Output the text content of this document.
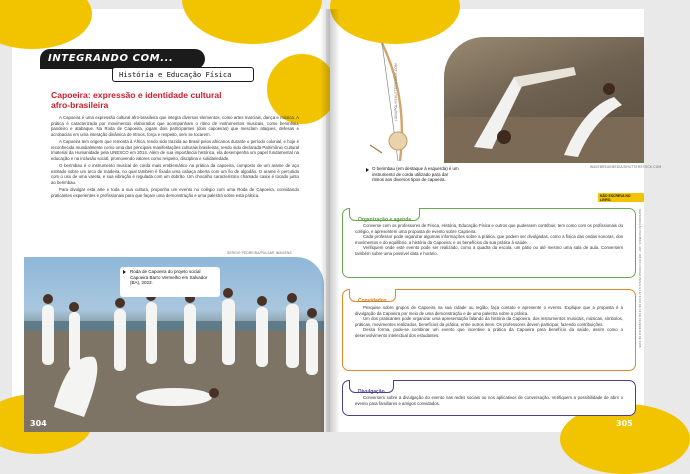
INTEGRANDO COM...
História e Educação Física
Capoeira: expressão e identidade cultural
afro-brasileira

A Capoeira é uma expressão cultural afro-brasileira que integra diversos elementos, como artes marciais, dança e música. A prática é caracterizada por movimentos elaborados que acompanham o ritmo de instrumentos musicais, como berimbau, pandeiro e atabaque. Na Roda de Capoeira, jogam dois participantes (dois capoeiras) que mesclam ataques, defesas e acrobacias em uma interação dinâmica de ritmos, força e respeito, sem se tocarem.

A Capoeira tem origem que remonta à África, tendo sido trazida ao Brasil pelos africanos durante o período colonial, e hoje é reconhecida mundialmente como uma das principais manifestações culturais brasileiras, tendo sido declarada Patrimônio Cultural Imaterial da Humanidade pela UNESCO em 2014. Além de sua importância histórica, ela desempenha um papel fundamental na educação e na inclusão social, promovendo valores como respeito, disciplina e solidariedade.

O berimbau é o instrumento musical de corda mais emblemático na prática da capoeira, composto de um arame de aço estirado sobre um arco de madeira, no qual também é fixada uma cabaça aberta com um fio de algodão. O arame é percutido com o uso de uma vareta, e sua vibração é regulada com um dobrão. Um chocalho característico chamado caxixi é tocado junto ao berimbau.

Para divulgar esta arte e toda a sua cultura, proponha um evento no colégio com uma Roda de Capoeira, convidando praticantes experientes e profissionais para que façam uma demonstração e uma palestra sobre esta prática.

SERGIO PEDREIRA/PULSAR IMAGENS
Roda de Capoeira do projeto social Capoeira Barro Vermelho em Salvador (BA), 2023.
304
LIANAPOLY/SHUTTERSTOCK.COM
WAVEBREAKMEDIA/SHUTTERSTOCK.COM
O berimbau (em destaque à esquerda) é um instrumento de corda utilizado para dar ritmos aos diversos tipos de capoeira.
NÃO ESCREVA NO LIVRO.
REPRODUÇÃO PROIBIDA. ART. 184 DO CÓDIGO PENAL E LEI 9.610 DE 19 DE FEVEREIRO DE 1998.
Organização e agenda

Converse com os professores de Física, História, Educação Física e outros que pudessem contribuir, tem como com os profissionais do colégio, e apresentem uma proposta de evento sobre Capoeira.

Cada professor pode organizar algumas informações sobre a prática, que podem ser divulgadas, como a física das ondas sonoras, dos movimentos e do equilíbrio, a história da Capoeira; e os benefícios da sua prática à saúde.

Verifiquem onde este evento pode ser realizado, como a quadra da escola, um pátio ou até mesmo uma sala de aula. Conversem também sobre uma possível data e horário.

Convidados

Pesquise sobre grupos de Capoeira na sua cidade ou região, faça contato e apresente o evento. Explique que a proposta é a divulgação da Capoeira por meio de uma demonstração e de uma palestra sobre a prática.

Um dos praticantes pode organizar uma apresentação falando da história da Capoeira, dos instrumentos musicais, músicas, símbolos, práticas, movimentos realizados, benefícios da prática, entre outros itens. Os professores devem participar, fazendo contribuições.

Dessa forma, pode-se combinar um evento que incentive a prática da Capoeira para benefício da saúde, assim como o desenvolvimento intelectual dos estudantes.

Divulgação

Conversem sobre a divulgação do evento nas redes sociais ou nos aplicativos de conversação. Verifiquem a possibilidade de abrir o evento para familiares e amigos convidados.

305
